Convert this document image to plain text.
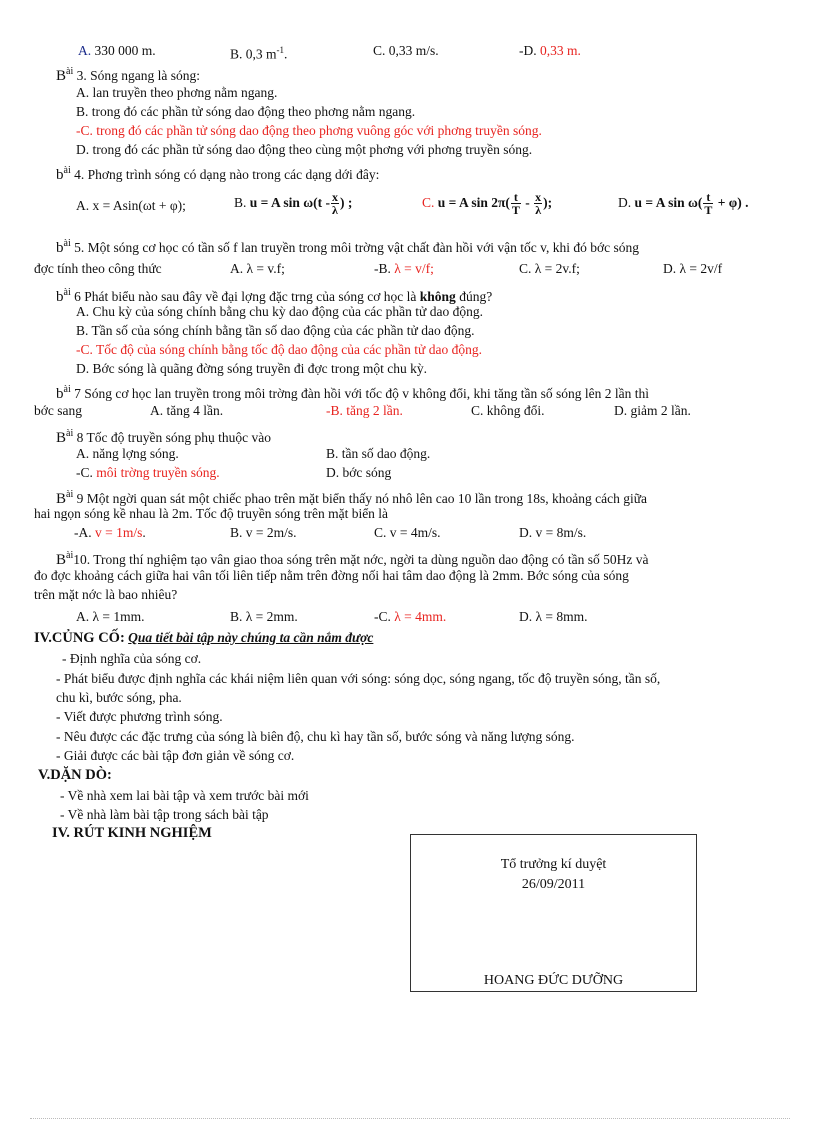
A. 330 000 m.	B. 0,3 $m^{-1}$.	C. 0,33 m/s.	-D. 0,33 m.
$B^{ài}$ 3. Sóng ngang là sóng:
A. lan truyền theo phơng nằm ngang.
B. trong đó các phần tử sóng dao động theo phơng nằm ngang.
-C. trong đó các phần tử sóng dao động theo phơng vuông góc với phơng truyền sóng.
D. trong đó các phần tử sóng dao động theo cùng một phơng với phơng truyền sóng.
$b^{ài}$ 4. Phơng trình sóng có dạng nào trong các dạng dới đây:
A. x = Asin(ωt + φ);	B. u = A $\sin \omega(t - \frac{x}{\lambda}$ ) ;	C. u = A $\sin 2\pi( \frac{t}{T} - \frac{x}{\lambda}$ );	D. u = A $\sin \omega( \frac{t}{T} + \varphi)$ .
$b^{ài}$ 5. Một sóng cơ học có tần số f lan truyền trong môi trờng vật chất đàn hồi với vận tốc v, khi đó bớc sóng
đợc tính theo công thức	A. λ = v.f;	-B. λ = v/f;	C. λ = 2v.f;	D. λ = 2v/f
$b^{ài}$ 6 Phát biểu nào sau đây về đại lợng đặc trng của sóng cơ học là không đúng?
A. Chu kỳ của sóng chính bằng chu kỳ dao động của các phần tử dao động.
B. Tần số của sóng chính bằng tần số dao động của các phần tử dao động.
-C. Tốc độ của sóng chính bằng tốc độ dao động của các phần tử dao động.
D. Bớc sóng là quãng đờng sóng truyền đi đợc trong một chu kỳ.
$b^{ài}$ 7 Sóng cơ học lan truyền trong môi trờng đàn hồi với tốc độ v không đổi, khi tăng tần số sóng lên 2 lần thì
bớc sang	A. tăng 4 lần.	-B. tăng 2 lần.	C. không đổi.	D. giảm 2 lần.
$B^{ài}$ 8 Tốc độ truyền sóng phụ thuộc vào
A. năng lợng sóng.	B. tần số dao động.
-C. môi trờng truyền sóng.	D. bớc sóng
$B^{ài}$ 9 Một ngời quan sát một chiếc phao trên mặt biển thấy nó nhô lên cao 10 lần trong 18s, khoảng cách giữa
hai ngọn sóng kề nhau là 2m. Tốc độ truyền sóng trên mặt biển là
-A. v = 1m/s.	B. v = 2m/s.	C. v = 4m/s.	D. v = 8m/s.
$B^{ài}10$. Trong thí nghiệm tạo vân giao thoa sóng trên mặt nớc, ngời ta dùng nguồn dao động có tần số 50Hz và
đo đợc khoảng cách giữa hai vân tối liên tiếp nằm trên đờng nối hai tâm dao động là 2mm. Bớc sóng của sóng
trên mặt nớc là bao nhiêu?
A. λ = 1mm.	B. λ = 2mm.	-C. λ = 4mm.	D. λ = 8mm.
IV.CỦNG CỐ: Qua tiết bài tập này chúng ta cần nắm được
- Định nghĩa của sóng cơ.
- Phát biểu được định nghĩa các khái niệm liên quan với sóng: sóng dọc, sóng ngang, tốc độ truyền sóng, tần số,
chu kì, bước sóng, pha.
- Viết được phương trình sóng.
- Nêu được các đặc trưng của sóng là biên độ, chu kì hay tần số, bước sóng và năng lượng sóng.
- Giải được các bài tập đơn giản về sóng cơ.
V.DẶN DÒ:
- Về nhà xem lai bài tập và xem trước bài mới
- Về nhà làm bài tập trong sách bài tập
IV. RÚT KINH NGHIỆM
Tổ trưởng kí duyệt
26/09/2011
HOANG ĐỨC DƯỠNG
